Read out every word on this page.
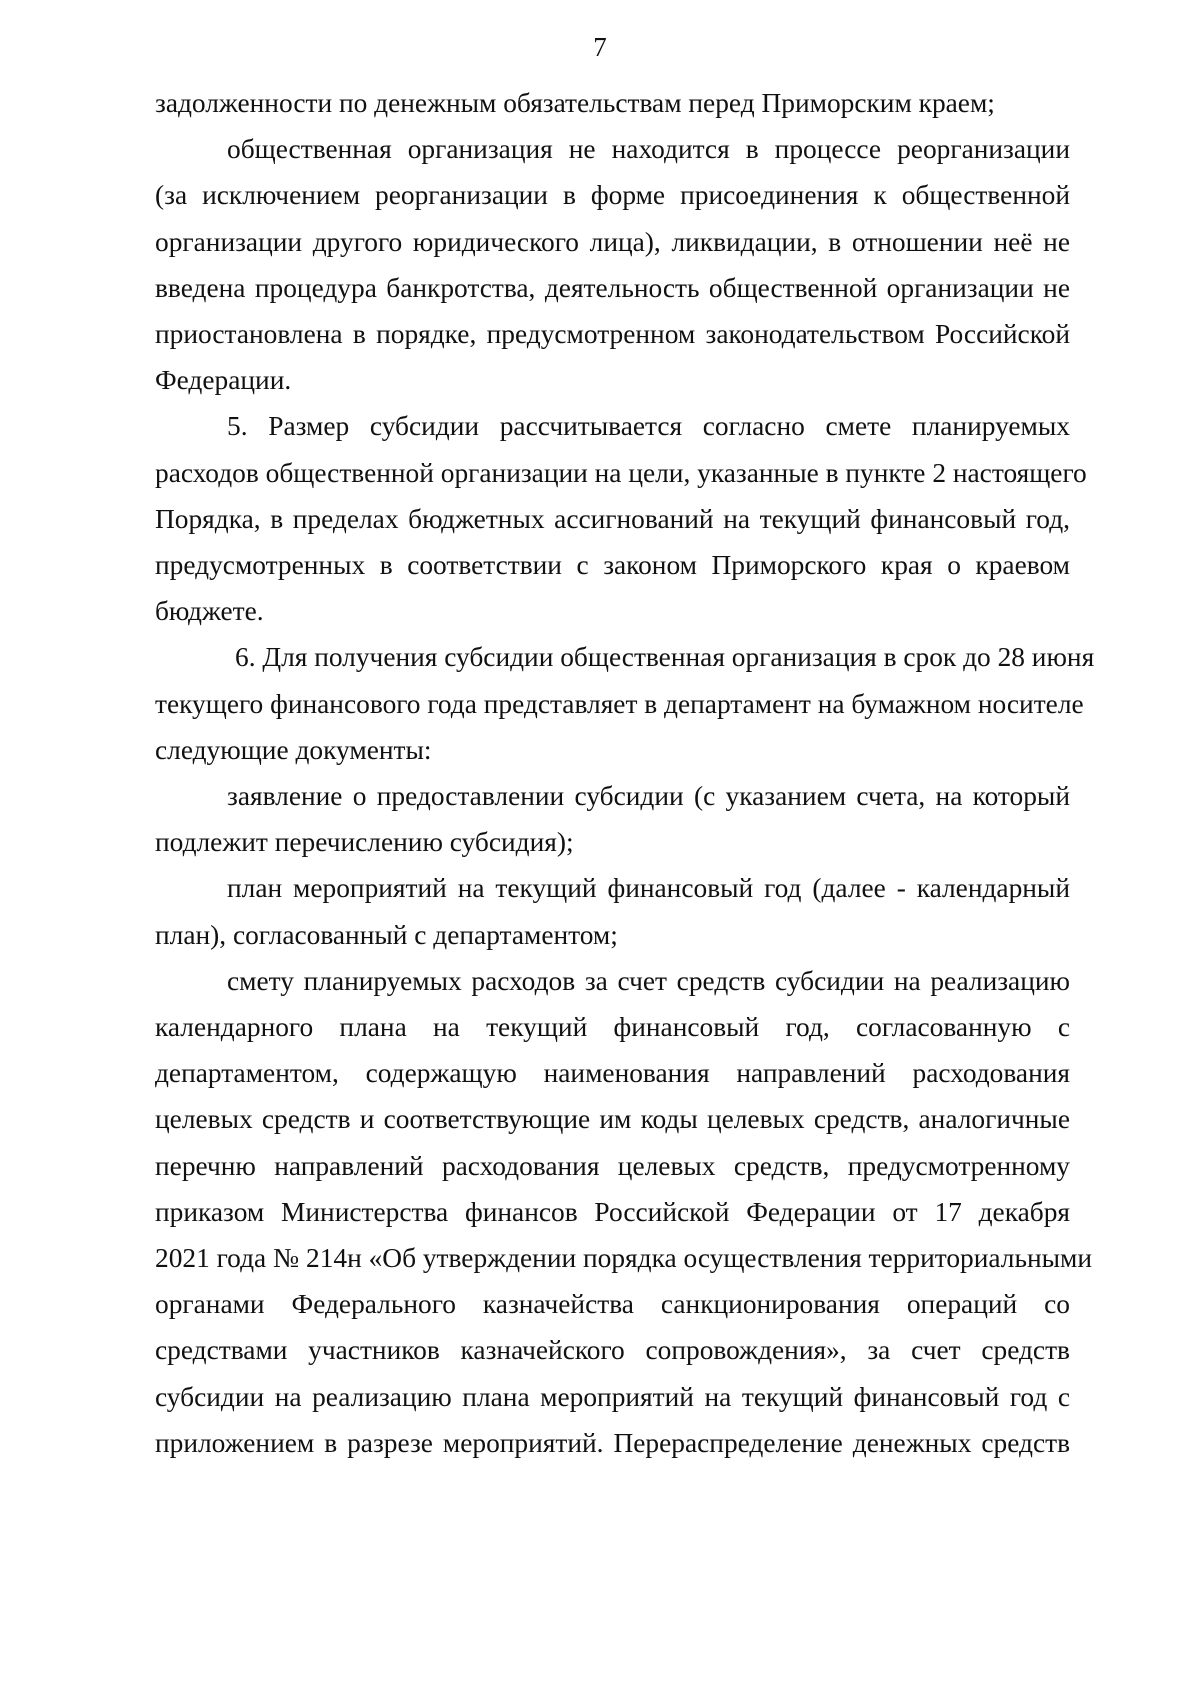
7
задолженности по денежным обязательствам перед Приморским краем;
общественная организация не находится в процессе реорганизации
(за исключением реорганизации в форме присоединения к общественной
организации другого юридического лица), ликвидации, в отношении неё не
введена процедура банкротства, деятельность общественной организации не
приостановлена в порядке, предусмотренном законодательством Российской
Федерации.
5. Размер субсидии рассчитывается согласно смете планируемых
расходов общественной организации на цели, указанные в пункте 2 настоящего
Порядка, в пределах бюджетных ассигнований на текущий финансовый год,
предусмотренных в соответствии с законом Приморского края о краевом
бюджете.
6. Для получения субсидии общественная организация в срок до 28 июня
текущего финансового года представляет в департамент на бумажном носителе
следующие документы:
заявление о предоставлении субсидии (с указанием счета, на который
подлежит перечислению субсидия);
план мероприятий на текущий финансовый год (далее - календарный
план), согласованный с департаментом;
смету планируемых расходов за счет средств субсидии на реализацию
календарного плана на текущий финансовый год, согласованную с
департаментом, содержащую наименования направлений расходования
целевых средств и соответствующие им коды целевых средств, аналогичные
перечню направлений расходования целевых средств, предусмотренному
приказом Министерства финансов Российской Федерации от 17 декабря
2021 года № 214н «Об утверждении порядка осуществления территориальными
органами Федерального казначейства санкционирования операций со
средствами участников казначейского сопровождения», за счет средств
субсидии на реализацию плана мероприятий на текущий финансовый год с
приложением в разрезе мероприятий. Перераспределение денежных средств
